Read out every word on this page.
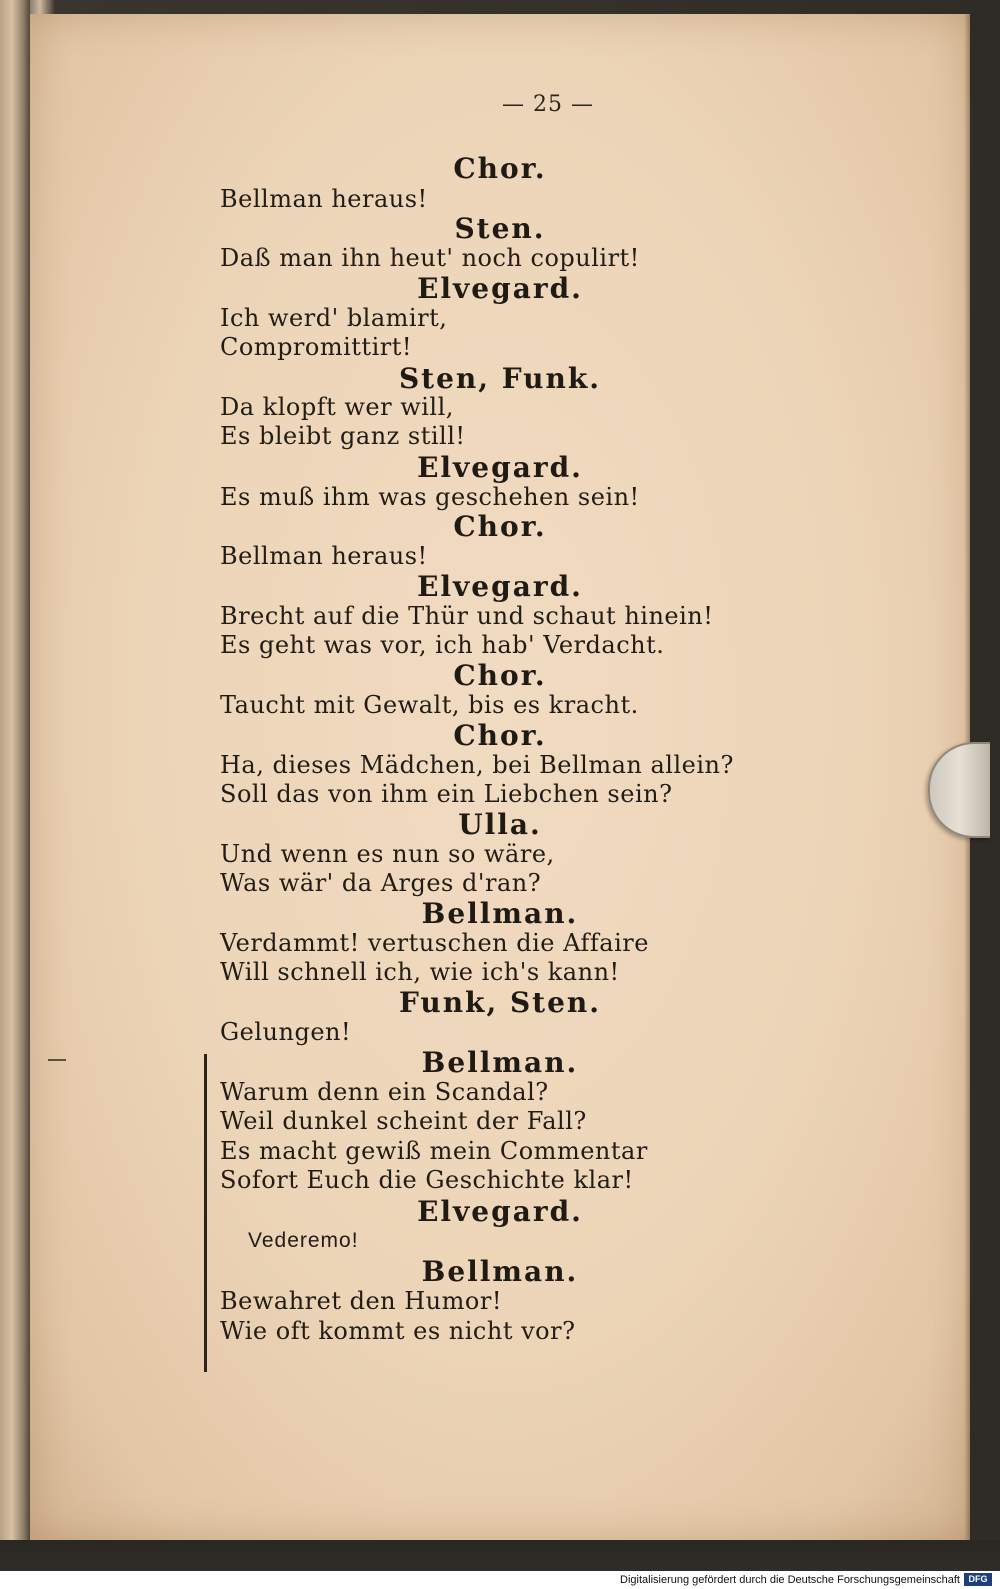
— 25 —
Chor.
Bellman heraus!
Sten.
Daß man ihn heut' noch copulirt!
Elvegard.
Ich werd' blamirt,
Compromittirt!
Sten, Funk.
Da klopft wer will,
Es bleibt ganz still!
Elvegard.
Es muß ihm was geschehen sein!
Chor.
Bellman heraus!
Elvegard.
Brecht auf die Thür und schaut hinein!
Es geht was vor, ich hab' Verdacht.
Chor.
Taucht mit Gewalt, bis es kracht.
Chor.
Ha, dieses Mädchen, bei Bellman allein?
Soll das von ihm ein Liebchen sein?
Ulla.
Und wenn es nun so wäre,
Was wär' da Arges d'ran?
Bellman.
Verdammt! vertuschen die Affaire
Will schnell ich, wie ich's kann!
Funk, Sten.
Gelungen!
Bellman.
Warum denn ein Scandal?
Weil dunkel scheint der Fall?
Es macht gewiß mein Commentar
Sofort Euch die Geschichte klar!
Elvegard.
Vederemo!
Bellman.
Bewahret den Humor!
Wie oft kommt es nicht vor?
Digitalisierung gefördert durch die Deutsche Forschungsgemeinschaft DFG
